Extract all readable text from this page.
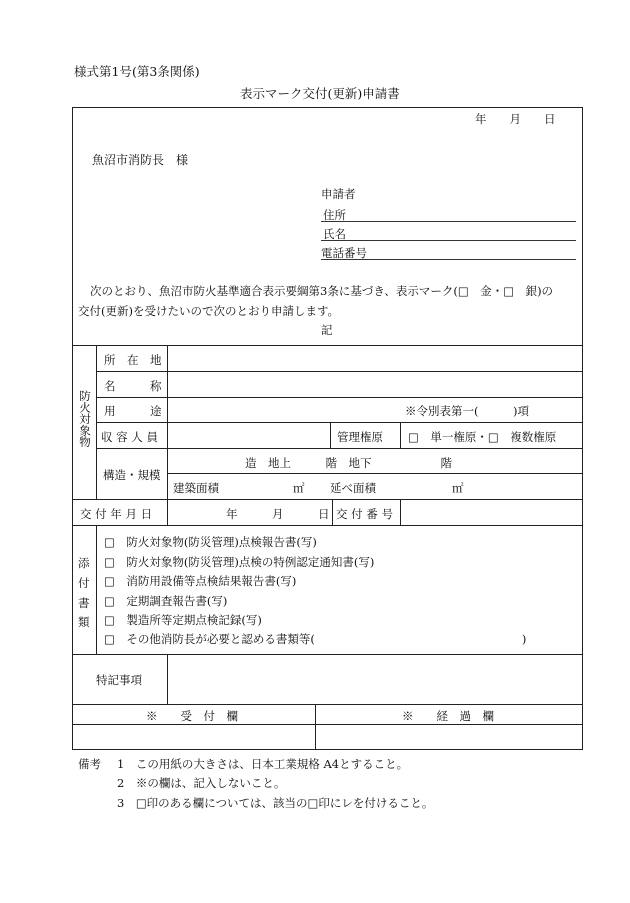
様式第1号(第3条関係)
表示マーク交付(更新)申請書
年　　月　　日
魚沼市消防長　様
申請者
住所
氏名
電話番号
次のとおり、魚沼市防火基準適合表示要綱第3条に基づき、表示マーク(□　金・□　銀)の
交付(更新)を受けたいので次のとおり申請します。
記
防火対象物
所　在　地
名　　　称
用　　　途	※令別表第一(　　　)項
収 容 人 員	管理権原 □　単一権原・□　複数権原
構造・規模
造　地上　　　階　地下　　　　　　階
建築面積	㎡ 延べ面積	㎡
交 付 年 月 日	年　　　月　　　日 交 付 番 号
添
付
書
類
□　防火対象物(防災管理)点検報告書(写)
□　防火対象物(防災管理)点検の特例認定通知書(写)
□　消防用設備等点検結果報告書(写)
□　定期調査報告書(写)
□　製造所等定期点検記録(写)
□　その他消防長が必要と認める書類等(　　　　　　　　　　　　　　　　　　)
特記事項
※　　受　付　欄	※　　経　過　欄
備考 1　この用紙の大きさは、日本工業規格 A4とすること。
2　※の欄は、記入しないこと。
3　□印のある欄については、該当の□印にレを付けること。
